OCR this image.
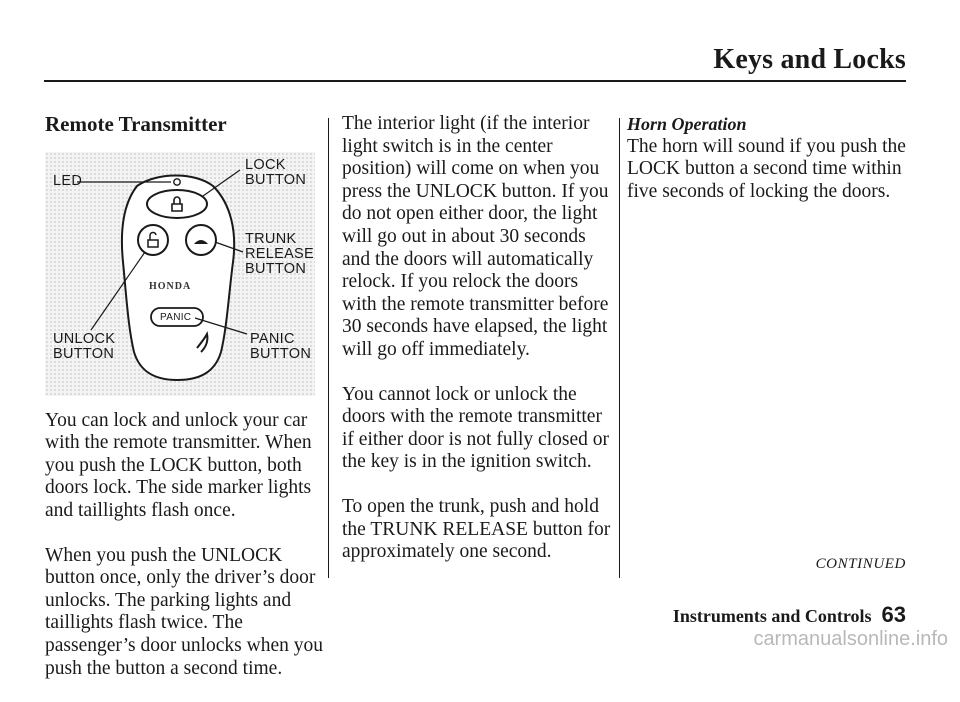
Keys and Locks
Remote Transmitter
LED
LOCK
BUTTON
TRUNK
RELEASE
BUTTON
UNLOCK
BUTTON
PANIC
BUTTON
PANIC
HONDA

You can lock and unlock your car with the remote transmitter. When you push the LOCK button, both doors lock. The side marker lights and taillights flash once.

When you push the UNLOCK button once, only the driver’s door unlocks. The parking lights and taillights flash twice. The passenger’s door unlocks when you push the button a second time.

The interior light (if the interior light switch is in the center position) will come on when you press the UNLOCK button. If you do not open either door, the light will go out in about 30 seconds and the doors will automatically relock. If you relock the doors with the remote transmitter before 30 seconds have elapsed, the light will go off immediately.

You cannot lock or unlock the doors with the remote transmitter if either door is not fully closed or the key is in the ignition switch.

To open the trunk, push and hold the TRUNK RELEASE button for approximately one second.

Horn Operation

The horn will sound if you push the LOCK button a second time within five seconds of locking the doors.

CONTINUED
Instruments and Controls 63
carmanualsonline.info
